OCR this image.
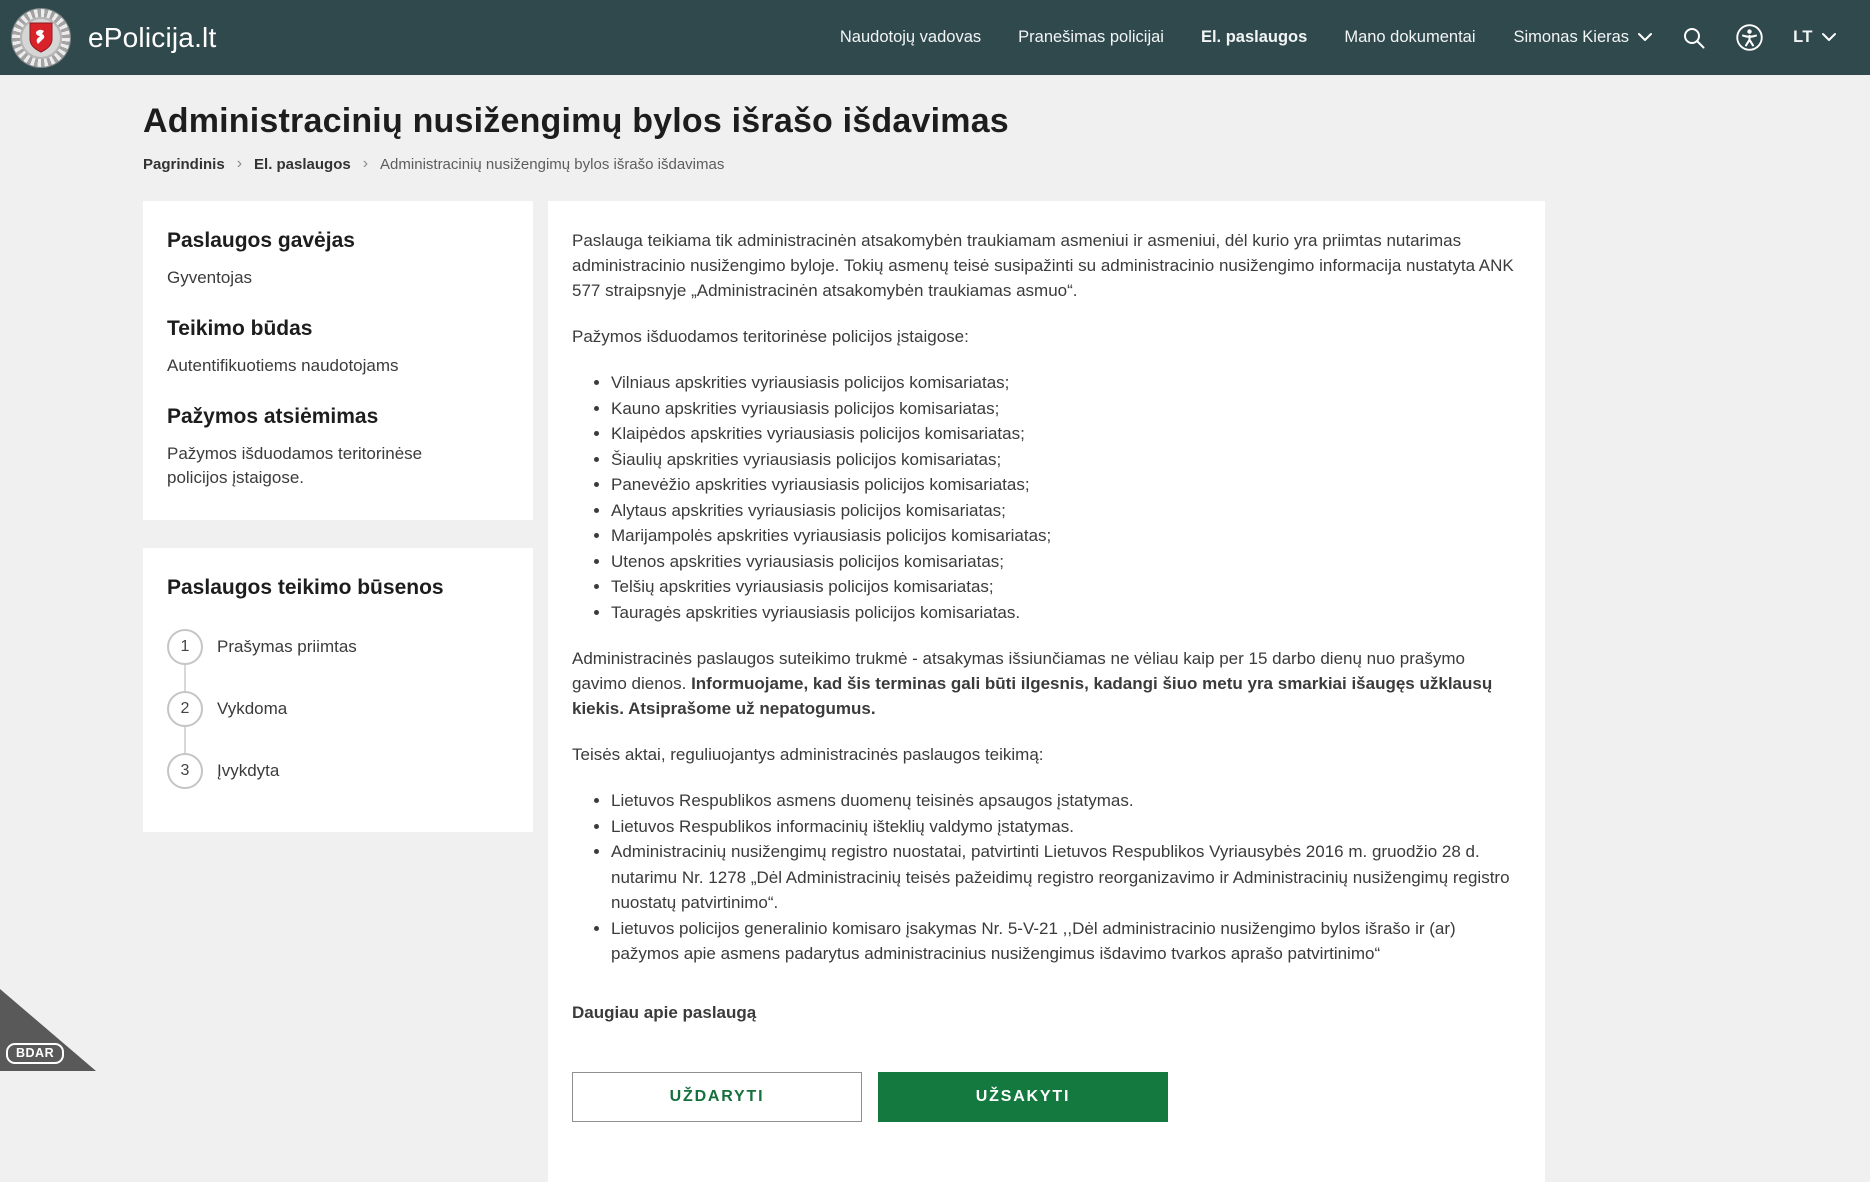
ePolicija.lt	Naudotojų vadovas Pranešimas policijai El. paslaugos Mano dokumentai Simonas Kieras	LT
Administracinių nusižengimų bylos išrašo išdavimas
Pagrindinis
› El. paslaugos
› Administracinių nusižengimų bylos išrašo išdavimas
Paslaugos gavėjas

Gyventojas

Teikimo būdas

Autentifikuotiems naudotojams

Pažymos atsiėmimas

Pažymos išduodamos teritorinėse policijos įstaigose.

Paslaugos teikimo būsenos
1	Prašymas priimtas
2	Vykdoma
3	Įvykdyta

Paslauga teikiama tik administracinėn atsakomybėn traukiamam asmeniui ir asmeniui, dėl kurio yra priimtas nutarimas administracinio nusižengimo byloje. Tokių asmenų teisė susipažinti su administracinio nusižengimo informacija nustatyta ANK 577 straipsnyje „Administracinėn atsakomybėn traukiamas asmuo“.

Pažymos išduodamos teritorinėse policijos įstaigose:

• Vilniaus apskrities vyriausiasis policijos komisariatas;
• Kauno apskrities vyriausiasis policijos komisariatas;
• Klaipėdos apskrities vyriausiasis policijos komisariatas;
• Šiaulių apskrities vyriausiasis policijos komisariatas;
• Panevėžio apskrities vyriausiasis policijos komisariatas;
• Alytaus apskrities vyriausiasis policijos komisariatas;
• Marijampolės apskrities vyriausiasis policijos komisariatas;
• Utenos apskrities vyriausiasis policijos komisariatas;
• Telšių apskrities vyriausiasis policijos komisariatas;
• Tauragės apskrities vyriausiasis policijos komisariatas.

Administracinės paslaugos suteikimo trukmė - atsakymas išsiunčiamas ne vėliau kaip per 15 darbo dienų nuo prašymo gavimo dienos. Informuojame, kad šis terminas gali būti ilgesnis, kadangi šiuo metu yra smarkiai išaugęs užklausų kiekis. Atsiprašome už nepatogumus.

Teisės aktai, reguliuojantys administracinės paslaugos teikimą:

• Lietuvos Respublikos asmens duomenų teisinės apsaugos įstatymas.
• Lietuvos Respublikos informacinių išteklių valdymo įstatymas.
• Administracinių nusižengimų registro nuostatai, patvirtinti Lietuvos Respublikos Vyriausybės 2016 m. gruodžio 28 d. nutarimu Nr. 1278 „Dėl Administracinių teisės pažeidimų registro reorganizavimo ir Administracinių nusižengimų registro nuostatų patvirtinimo“.
• Lietuvos policijos generalinio komisaro įsakymas Nr. 5-V-21 ,,Dėl administracinio nusižengimo bylos išrašo ir (ar) pažymos apie asmens padarytus administracinius nusižengimus išdavimo tvarkos aprašo patvirtinimo“

Daugiau apie paslaugą

UŽDARYTI	UŽSAKYTI
BDAR
